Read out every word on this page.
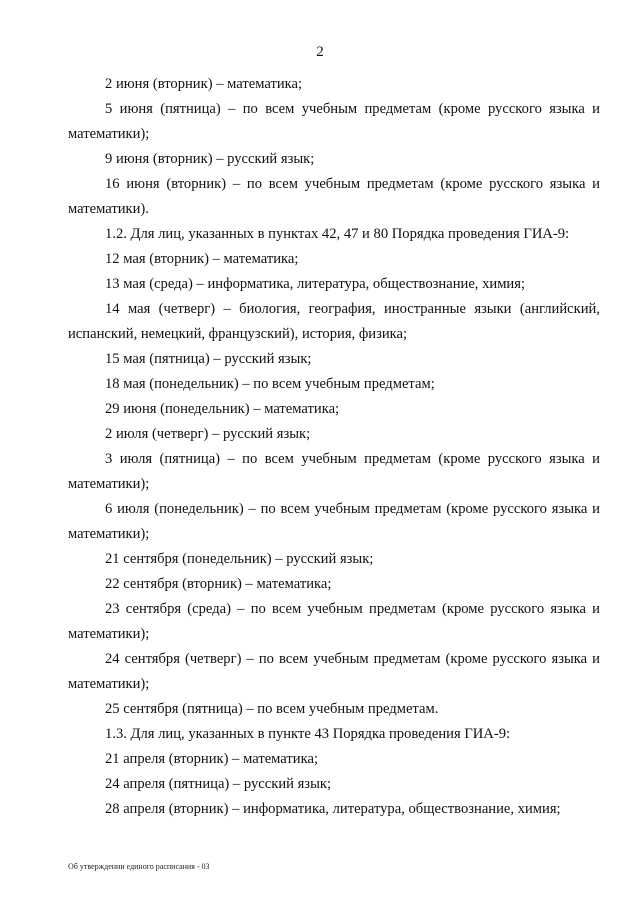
2

2 июня (вторник) – математика;

5 июня (пятница) – по всем учебным предметам (кроме русского языка и математики);

9 июня (вторник) – русский язык;

16 июня (вторник) – по всем учебным предметам (кроме русского языка и математики).

1.2. Для лиц, указанных в пунктах 42, 47 и 80 Порядка проведения ГИА-9:

12 мая (вторник) – математика;

13 мая (среда) – информатика, литература, обществознание, химия;

14 мая (четверг) – биология, география, иностранные языки (английский, испанский, немецкий, французский), история, физика;

15 мая (пятница) – русский язык;

18 мая (понедельник) – по всем учебным предметам;

29 июня (понедельник) – математика;

2 июля (четверг) – русский язык;

3 июля (пятница) – по всем учебным предметам (кроме русского языка и математики);

6 июля (понедельник) – по всем учебным предметам (кроме русского языка и математики);

21 сентября (понедельник) – русский язык;

22 сентября (вторник) – математика;

23 сентября (среда) – по всем учебным предметам (кроме русского языка и математики);

24 сентября (четверг) – по всем учебным предметам (кроме русского языка и математики);

25 сентября (пятница) – по всем учебным предметам.

1.3. Для лиц, указанных в пункте 43 Порядка проведения ГИА-9:

21 апреля (вторник) – математика;

24 апреля (пятница) – русский язык;

28 апреля (вторник) – информатика, литература, обществознание, химия;

Об утверждении единого расписания - 03
